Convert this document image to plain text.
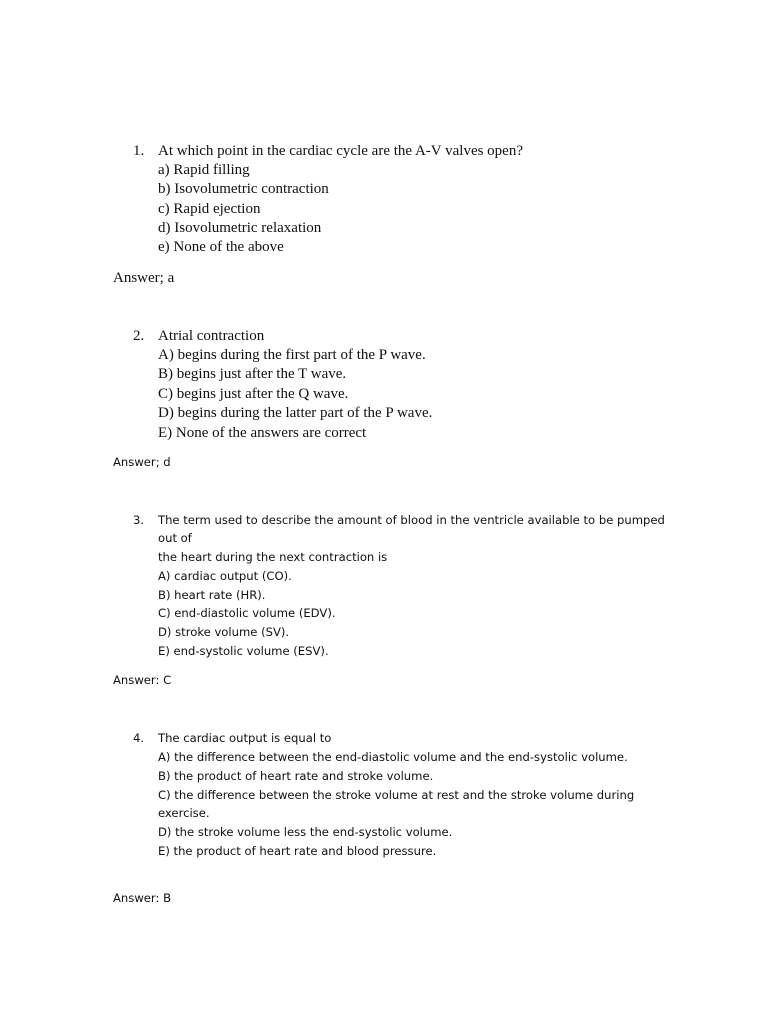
1. At which point in the cardiac cycle are the A-V valves open?
a) Rapid filling
b) Isovolumetric contraction
c) Rapid ejection
d) Isovolumetric relaxation
e) None of the above
Answer; a
2. Atrial contraction
A) begins during the first part of the P wave.
B) begins just after the T wave.
C) begins just after the Q wave.
D) begins during the latter part of the P wave.
E) None of the answers are correct
Answer; d
3. The term used to describe the amount of blood in the ventricle available to be pumped
out of
the heart during the next contraction is
A) cardiac output (CO).
B) heart rate (HR).
C) end-diastolic volume (EDV).
D) stroke volume (SV).
E) end-systolic volume (ESV).
Answer: C
4. The cardiac output is equal to
A) the difference between the end-diastolic volume and the end-systolic volume.
B) the product of heart rate and stroke volume.
C) the difference between the stroke volume at rest and the stroke volume during
exercise.
D) the stroke volume less the end-systolic volume.
E) the product of heart rate and blood pressure.
Answer: B
